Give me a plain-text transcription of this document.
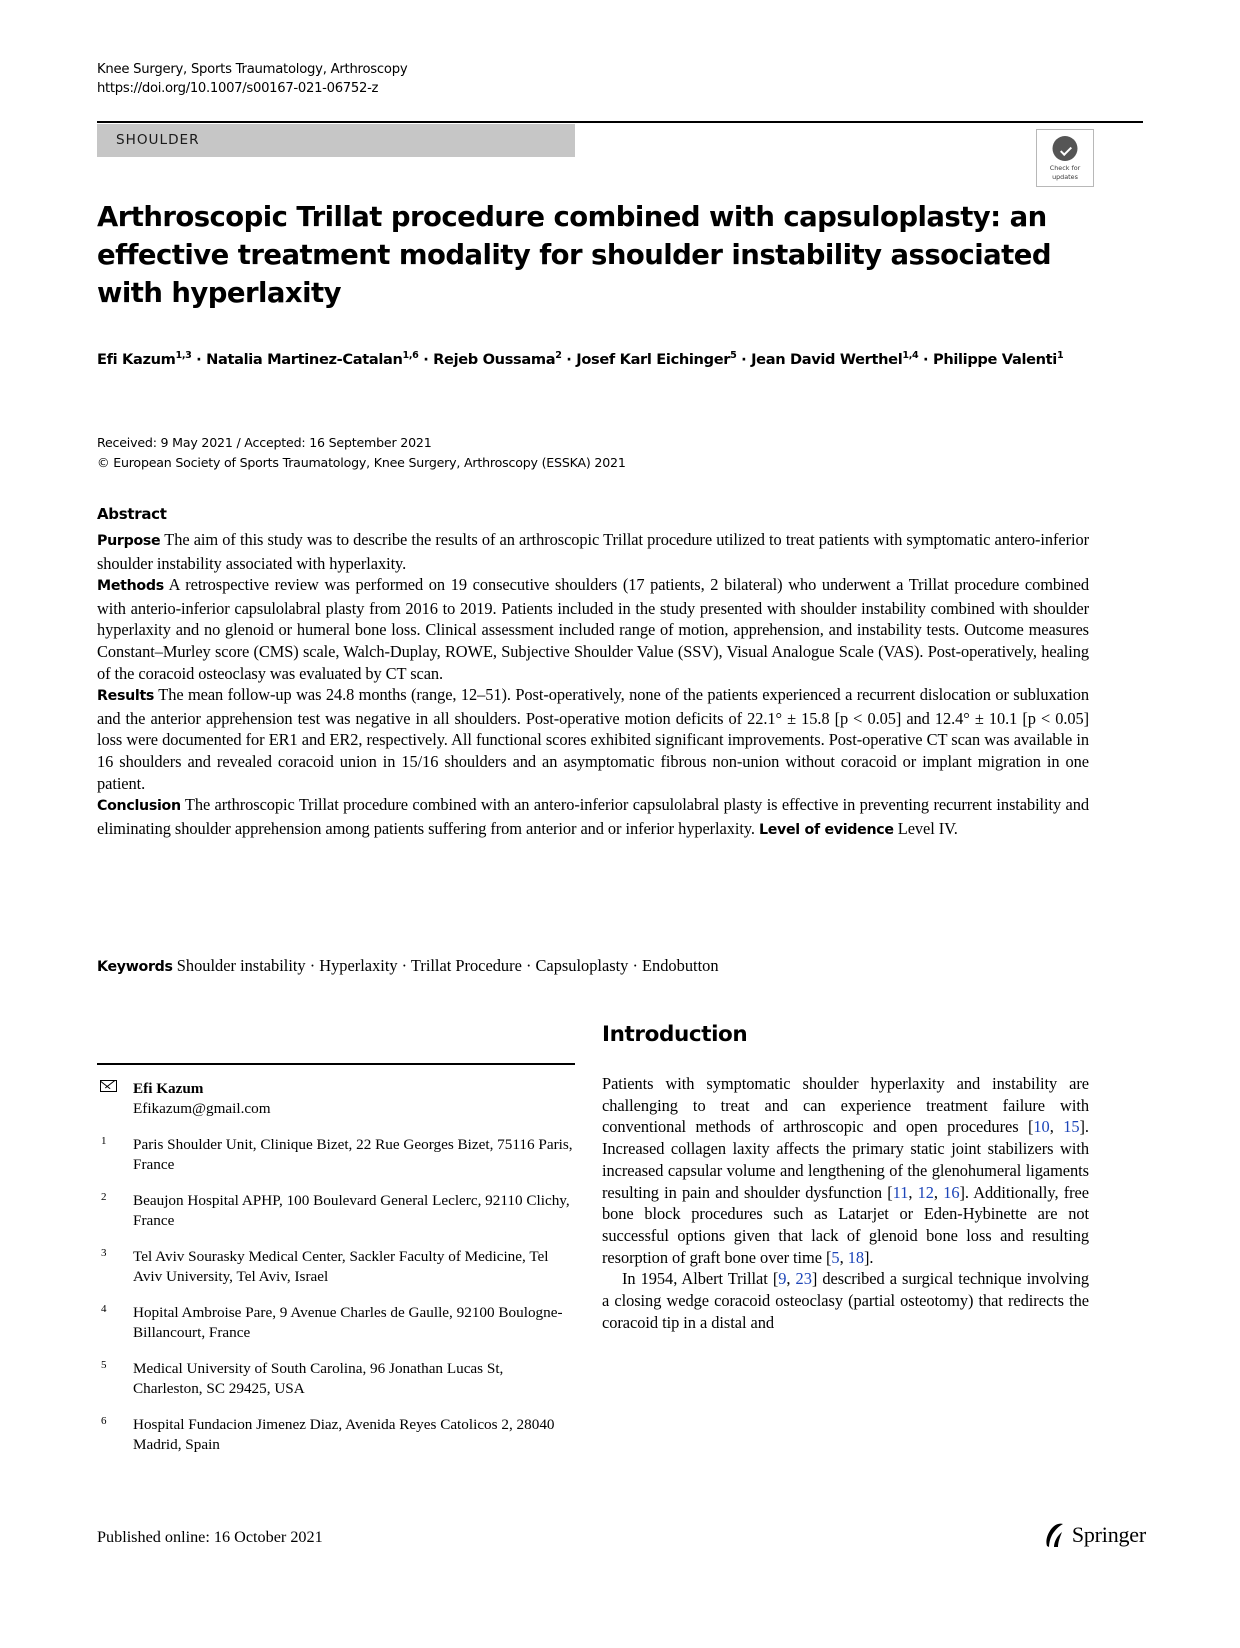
Knee Surgery, Sports Traumatology, Arthroscopy
https://doi.org/10.1007/s00167-021-06752-z
SHOULDER
Check for
updates
Arthroscopic Trillat procedure combined with capsuloplasty: an effective treatment modality for shoulder instability associated with hyperlaxity
Efi Kazum$^{1,3}$ · Natalia Martinez-Catalan$^{1,6}$ · Rejeb Oussama$^2$ · Josef Karl Eichinger$^5$ · Jean David Werthel$^{1,4}$ · Philippe Valenti$^1$
Received: 9 May 2021 / Accepted: 16 September 2021
© European Society of Sports Traumatology, Knee Surgery, Arthroscopy (ESSKA) 2021
Abstract

Purpose The aim of this study was to describe the results of an arthroscopic Trillat procedure utilized to treat patients with symptomatic antero-inferior shoulder instability associated with hyperlaxity.

Methods A retrospective review was performed on 19 consecutive shoulders (17 patients, 2 bilateral) who underwent a Trillat procedure combined with anterio-inferior capsulolabral plasty from 2016 to 2019. Patients included in the study presented with shoulder instability combined with shoulder hyperlaxity and no glenoid or humeral bone loss. Clinical assessment included range of motion, apprehension, and instability tests. Outcome measures Constant–Murley score (CMS) scale, Walch-Duplay, ROWE, Subjective Shoulder Value (SSV), Visual Analogue Scale (VAS). Post-operatively, healing of the coracoid osteoclasy was evaluated by CT scan.

Results The mean follow-up was 24.8 months (range, 12–51). Post-operatively, none of the patients experienced a recurrent dislocation or subluxation and the anterior apprehension test was negative in all shoulders. Post-operative motion deficits of 22.1° ± 15.8 [p < 0.05] and 12.4° ± 10.1 [p < 0.05] loss were documented for ER1 and ER2, respectively. All functional scores exhibited significant improvements. Post-operative CT scan was available in 16 shoulders and revealed coracoid union in 15/16 shoulders and an asymptomatic fibrous non-union without coracoid or implant migration in one patient.

Conclusion The arthroscopic Trillat procedure combined with an antero-inferior capsulolabral plasty is effective in preventing recurrent instability and eliminating shoulder apprehension among patients suffering from anterior and or inferior hyperlaxity. Level of evidence Level IV.

Keywords Shoulder instability · Hyperlaxity · Trillat Procedure · Capsuloplasty · Endobutton
Efi Kazum
Efikazum@gmail.com
1 Paris Shoulder Unit, Clinique Bizet, 22 Rue Georges Bizet, 75116 Paris, France
2 Beaujon Hospital APHP, 100 Boulevard General Leclerc, 92110 Clichy, France
3 Tel Aviv Sourasky Medical Center, Sackler Faculty of Medicine, Tel Aviv University, Tel Aviv, Israel
4 Hopital Ambroise Pare, 9 Avenue Charles de Gaulle, 92100 Boulogne-Billancourt, France
5 Medical University of South Carolina, 96 Jonathan Lucas St, Charleston, SC 29425, USA
6 Hospital Fundacion Jimenez Diaz, Avenida Reyes Catolicos 2, 28040 Madrid, Spain
Introduction

Patients with symptomatic shoulder hyperlaxity and instability are challenging to treat and can experience treatment failure with conventional methods of arthroscopic and open procedures [10, 15]. Increased collagen laxity affects the primary static joint stabilizers with increased capsular volume and lengthening of the glenohumeral ligaments resulting in pain and shoulder dysfunction [11, 12, 16]. Additionally, free bone block procedures such as Latarjet or Eden-Hybinette are not successful options given that lack of glenoid bone loss and resulting resorption of graft bone over time [5, 18].

In 1954, Albert Trillat [9, 23] described a surgical technique involving a closing wedge coracoid osteoclasy (partial osteotomy) that redirects the coracoid tip in a distal and

Published online: 16 October 2021	Springer
